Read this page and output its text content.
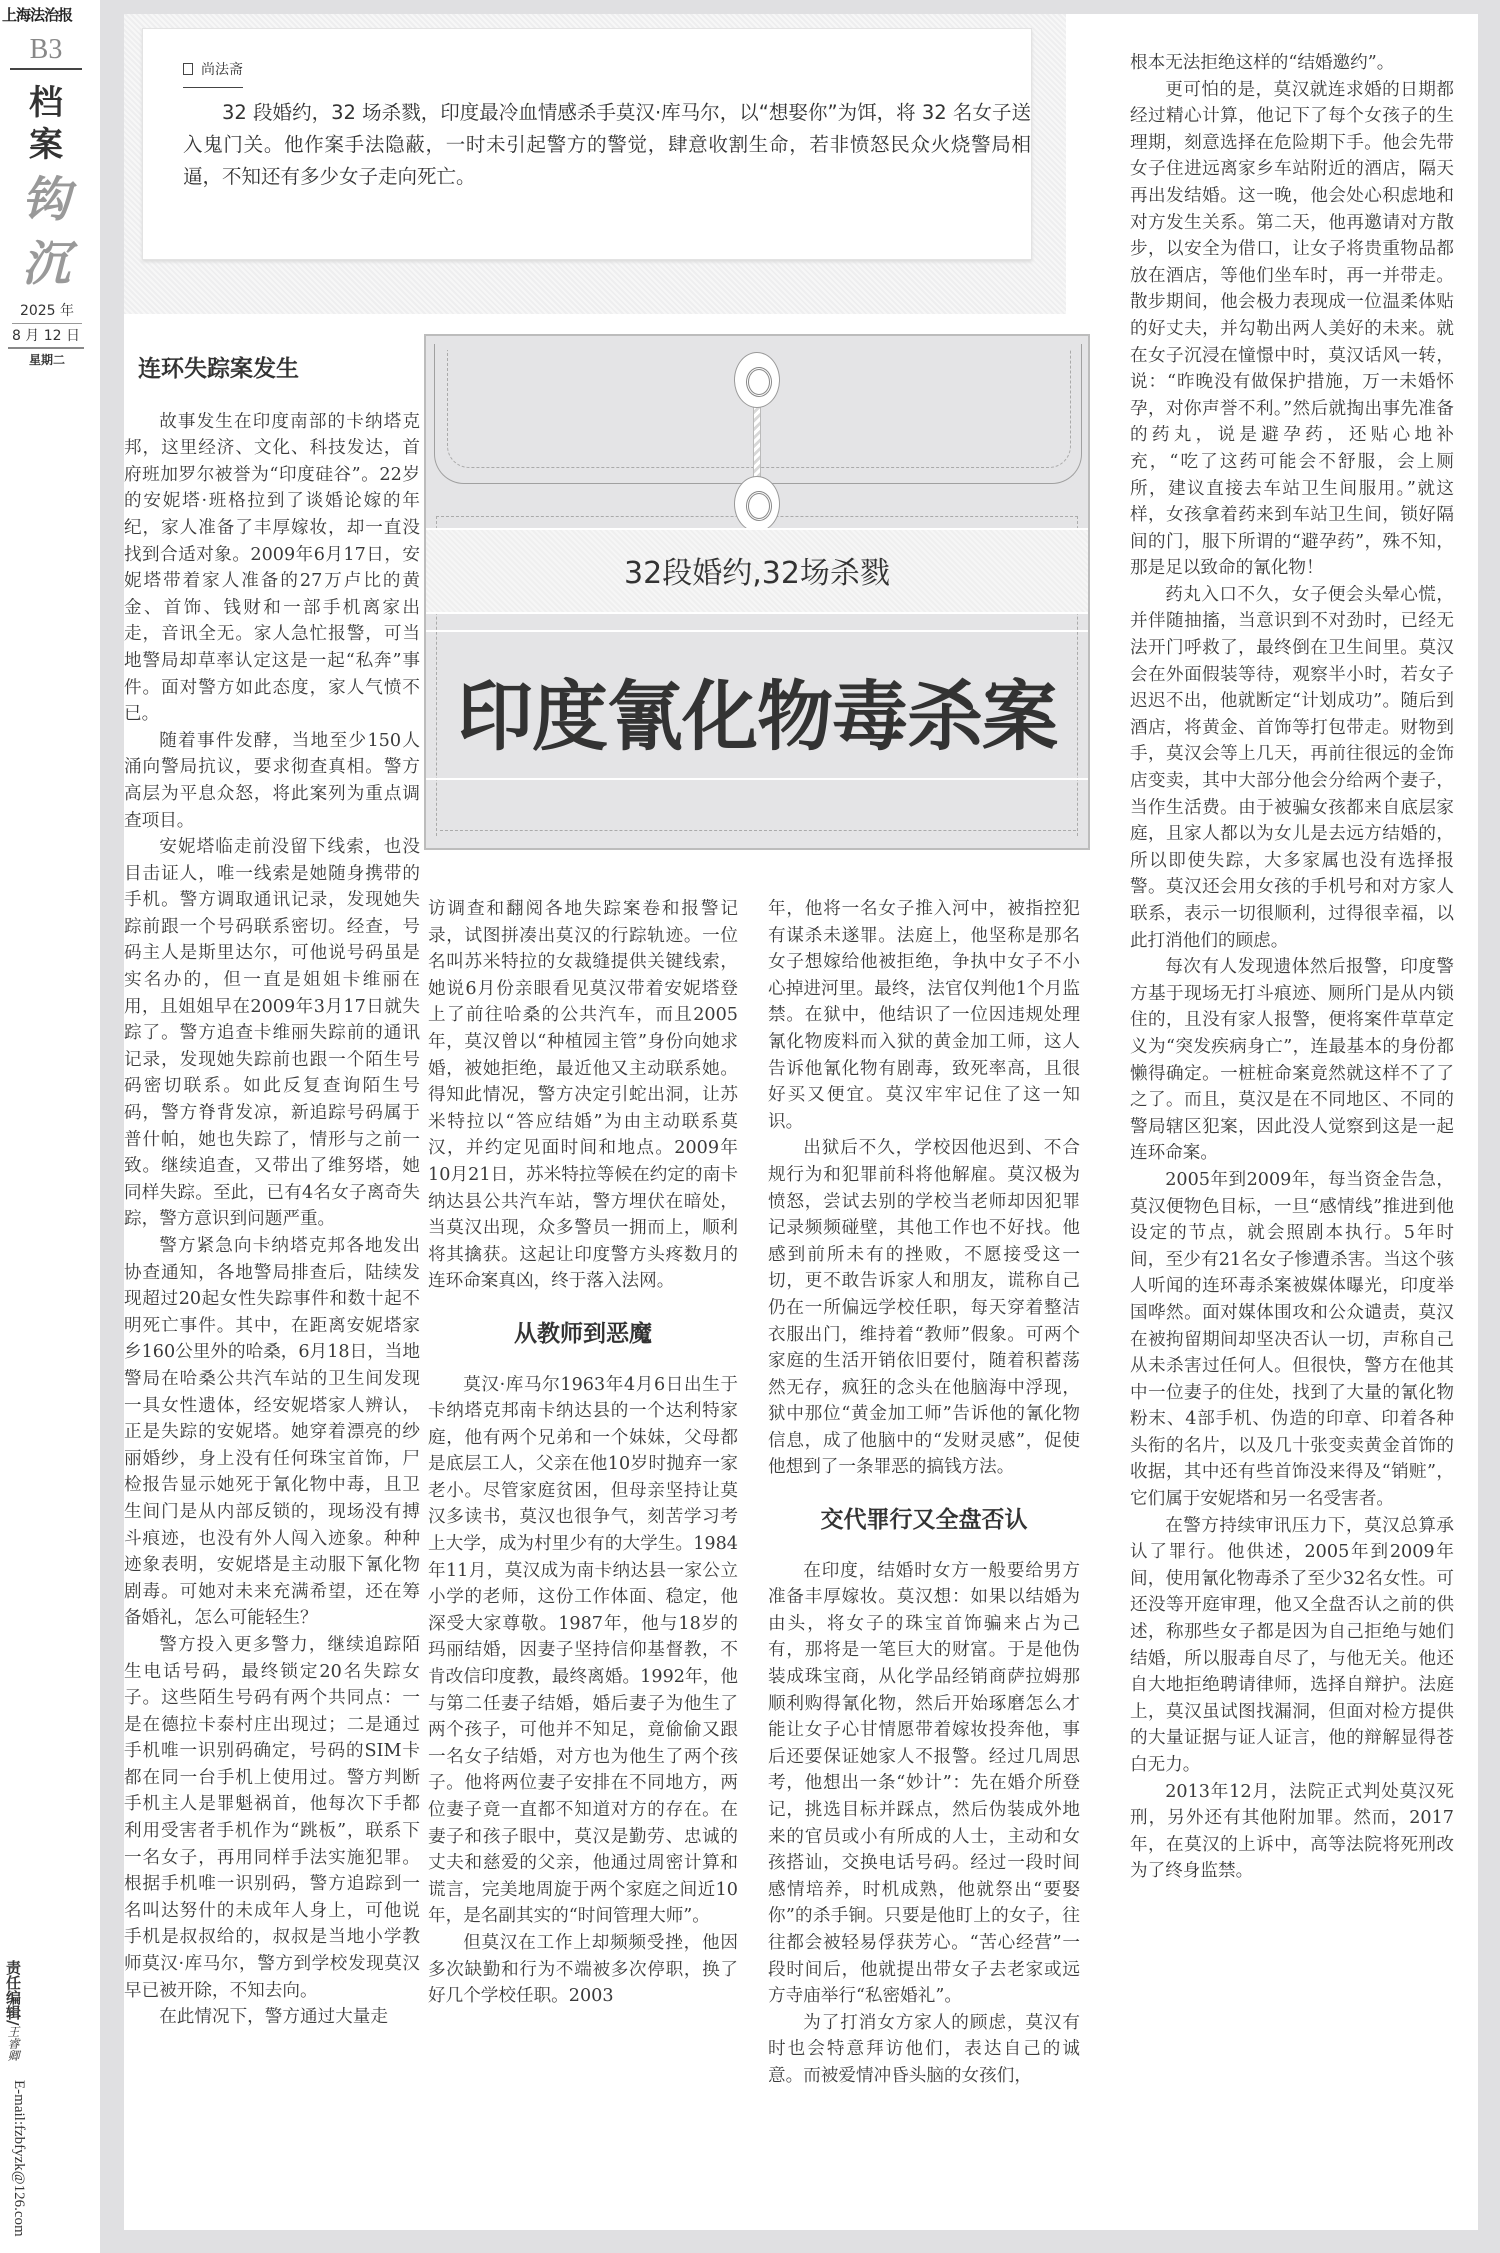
上海法治报
B3
档案
钩沉
2025 年
8 月 12 日
星期二
责任编辑/王睿卿
E-mail:fzbfyzk@126.com
尚法斋
32 段婚约，32 场杀戮，印度最冷血情感杀手莫汉·库马尔，以“想娶你”为饵，将 32 名女子送入鬼门关。他作案手法隐蔽，一时未引起警方的警觉，肆意收割生命，若非愤怒民众火烧警局相逼，不知还有多少女子走向死亡。
连环失踪案发生

故事发生在印度南部的卡纳塔克邦，这里经济、文化、科技发达，首府班加罗尔被誉为“印度硅谷”。22岁的安妮塔·班格拉到了谈婚论嫁的年纪，家人准备了丰厚嫁妆，却一直没找到合适对象。2009年6月17日，安妮塔带着家人准备的27万卢比的黄金、首饰、钱财和一部手机离家出走，音讯全无。家人急忙报警，可当地警局却草率认定这是一起“私奔”事件。面对警方如此态度，家人气愤不已。

随着事件发酵，当地至少150人涌向警局抗议，要求彻查真相。警方高层为平息众怒，将此案列为重点调查项目。

安妮塔临走前没留下线索，也没目击证人，唯一线索是她随身携带的手机。警方调取通讯记录，发现她失踪前跟一个号码联系密切。经查，号码主人是斯里达尔，可他说号码虽是实名办的，但一直是姐姐卡维丽在用，且姐姐早在2009年3月17日就失踪了。警方追查卡维丽失踪前的通讯记录，发现她失踪前也跟一个陌生号码密切联系。如此反复查询陌生号码，警方脊背发凉，新追踪号码属于普什帕，她也失踪了，情形与之前一致。继续追查，又带出了维努塔，她同样失踪。至此，已有4名女子离奇失踪，警方意识到问题严重。

警方紧急向卡纳塔克邦各地发出协查通知，各地警局排查后，陆续发现超过20起女性失踪事件和数十起不明死亡事件。其中，在距离安妮塔家乡160公里外的哈桑，6月18日，当地警局在哈桑公共汽车站的卫生间发现一具女性遗体，经安妮塔家人辨认，正是失踪的安妮塔。她穿着漂亮的纱丽婚纱，身上没有任何珠宝首饰，尸检报告显示她死于氰化物中毒，且卫生间门是从内部反锁的，现场没有搏斗痕迹，也没有外人闯入迹象。种种迹象表明，安妮塔是主动服下氰化物剧毒。可她对未来充满希望，还在筹备婚礼，怎么可能轻生？

警方投入更多警力，继续追踪陌生电话号码，最终锁定20名失踪女子。这些陌生号码有两个共同点：一是在德拉卡泰村庄出现过；二是通过手机唯一识别码确定，号码的SIM卡都在同一台手机上使用过。警方判断手机主人是罪魁祸首，他每次下手都利用受害者手机作为“跳板”，联系下一名女子，再用同样手法实施犯罪。根据手机唯一识别码，警方追踪到一名叫达努什的未成年人身上，可他说手机是叔叔给的，叔叔是当地小学教师莫汉·库马尔，警方到学校发现莫汉早已被开除，不知去向。

在此情况下，警方通过大量走

32段婚约,32场杀戮
印度氰化物毒杀案

访调查和翻阅各地失踪案卷和报警记录，试图拼凑出莫汉的行踪轨迹。一位名叫苏米特拉的女裁缝提供关键线索，她说6月份亲眼看见莫汉带着安妮塔登上了前往哈桑的公共汽车，而且2005年，莫汉曾以“种植园主管”身份向她求婚，被她拒绝，最近他又主动联系她。得知此情况，警方决定引蛇出洞，让苏米特拉以“答应结婚”为由主动联系莫汉，并约定见面时间和地点。2009年10月21日，苏米特拉等候在约定的南卡纳达县公共汽车站，警方埋伏在暗处，当莫汉出现，众多警员一拥而上，顺利将其擒获。这起让印度警方头疼数月的连环命案真凶，终于落入法网。

从教师到恶魔

莫汉·库马尔1963年4月6日出生于卡纳塔克邦南卡纳达县的一个达利特家庭，他有两个兄弟和一个妹妹，父母都是底层工人，父亲在他10岁时抛弃一家老小。尽管家庭贫困，但母亲坚持让莫汉多读书，莫汉也很争气，刻苦学习考上大学，成为村里少有的大学生。1984年11月，莫汉成为南卡纳达县一家公立小学的老师，这份工作体面、稳定，他深受大家尊敬。1987年，他与18岁的玛丽结婚，因妻子坚持信仰基督教，不肯改信印度教，最终离婚。1992年，他与第二任妻子结婚，婚后妻子为他生了两个孩子，可他并不知足，竟偷偷又跟一名女子结婚，对方也为他生了两个孩子。他将两位妻子安排在不同地方，两位妻子竟一直都不知道对方的存在。在妻子和孩子眼中，莫汉是勤劳、忠诚的丈夫和慈爱的父亲，他通过周密计算和谎言，完美地周旋于两个家庭之间近10年，是名副其实的“时间管理大师”。

但莫汉在工作上却频频受挫，他因多次缺勤和行为不端被多次停职，换了好几个学校任职。2003

年，他将一名女子推入河中，被指控犯有谋杀未遂罪。法庭上，他坚称是那名女子想嫁给他被拒绝，争执中女子不小心掉进河里。最终，法官仅判他1个月监禁。在狱中，他结识了一位因违规处理氰化物废料而入狱的黄金加工师，这人告诉他氰化物有剧毒，致死率高，且很好买又便宜。莫汉牢牢记住了这一知识。

出狱后不久，学校因他迟到、不合规行为和犯罪前科将他解雇。莫汉极为愤怒，尝试去别的学校当老师却因犯罪记录频频碰壁，其他工作也不好找。他感到前所未有的挫败，不愿接受这一切，更不敢告诉家人和朋友，谎称自己仍在一所偏远学校任职，每天穿着整洁衣服出门，维持着“教师”假象。可两个家庭的生活开销依旧要付，随着积蓄荡然无存，疯狂的念头在他脑海中浮现，狱中那位“黄金加工师”告诉他的氰化物信息，成了他脑中的“发财灵感”，促使他想到了一条罪恶的搞钱方法。

交代罪行又全盘否认

在印度，结婚时女方一般要给男方准备丰厚嫁妆。莫汉想：如果以结婚为由头，将女子的珠宝首饰骗来占为己有，那将是一笔巨大的财富。于是他伪装成珠宝商，从化学品经销商萨拉姆那顺利购得氰化物，然后开始琢磨怎么才能让女子心甘情愿带着嫁妆投奔他，事后还要保证她家人不报警。经过几周思考，他想出一条“妙计”：先在婚介所登记，挑选目标并踩点，然后伪装成外地来的官员或小有所成的人士，主动和女孩搭讪，交换电话号码。经过一段时间感情培养，时机成熟，他就祭出“要娶你”的杀手锏。只要是他盯上的女子，往往都会被轻易俘获芳心。“苦心经营”一段时间后，他就提出带女子去老家或远方寺庙举行“私密婚礼”。

为了打消女方家人的顾虑，莫汉有时也会特意拜访他们，表达自己的诚意。而被爱情冲昏头脑的女孩们，

根本无法拒绝这样的“结婚邀约”。

更可怕的是，莫汉就连求婚的日期都经过精心计算，他记下了每个女孩子的生理期，刻意选择在危险期下手。他会先带女子住进远离家乡车站附近的酒店，隔天再出发结婚。这一晚，他会处心积虑地和对方发生关系。第二天，他再邀请对方散步，以安全为借口，让女子将贵重物品都放在酒店，等他们坐车时，再一并带走。散步期间，他会极力表现成一位温柔体贴的好丈夫，并勾勒出两人美好的未来。就在女子沉浸在憧憬中时，莫汉话风一转，说：“昨晚没有做保护措施，万一未婚怀孕，对你声誉不利。”然后就掏出事先准备的药丸，说是避孕药，还贴心地补充，“吃了这药可能会不舒服，会上厕所，建议直接去车站卫生间服用。”就这样，女孩拿着药来到车站卫生间，锁好隔间的门，服下所谓的“避孕药”，殊不知，那是足以致命的氰化物！

药丸入口不久，女子便会头晕心慌，并伴随抽搐，当意识到不对劲时，已经无法开门呼救了，最终倒在卫生间里。莫汉会在外面假装等待，观察半小时，若女子迟迟不出，他就断定“计划成功”。随后到酒店，将黄金、首饰等打包带走。财物到手，莫汉会等上几天，再前往很远的金饰店变卖，其中大部分他会分给两个妻子，当作生活费。由于被骗女孩都来自底层家庭，且家人都以为女儿是去远方结婚的，所以即使失踪，大多家属也没有选择报警。莫汉还会用女孩的手机号和对方家人联系，表示一切很顺利，过得很幸福，以此打消他们的顾虑。

每次有人发现遗体然后报警，印度警方基于现场无打斗痕迹、厕所门是从内锁住的，且没有家人报警，便将案件草草定义为“突发疾病身亡”，连最基本的身份都懒得确定。一桩桩命案竟然就这样不了了之了。而且，莫汉是在不同地区、不同的警局辖区犯案，因此没人觉察到这是一起连环命案。

2005年到2009年，每当资金告急，莫汉便物色目标，一旦“感情线”推进到他设定的节点，就会照剧本执行。5年时间，至少有21名女子惨遭杀害。当这个骇人听闻的连环毒杀案被媒体曝光，印度举国哗然。面对媒体围攻和公众谴责，莫汉在被拘留期间却坚决否认一切，声称自己从未杀害过任何人。但很快，警方在他其中一位妻子的住处，找到了大量的氰化物粉末、4部手机、伪造的印章、印着各种头衔的名片，以及几十张变卖黄金首饰的收据，其中还有些首饰没来得及“销赃”，它们属于安妮塔和另一名受害者。

在警方持续审讯压力下，莫汉总算承认了罪行。他供述，2005年到2009年间，使用氰化物毒杀了至少32名女性。可还没等开庭审理，他又全盘否认之前的供述，称那些女子都是因为自己拒绝与她们结婚，所以服毒自尽了，与他无关。他还自大地拒绝聘请律师，选择自辩护。法庭上，莫汉虽试图找漏洞，但面对检方提供的大量证据与证人证言，他的辩解显得苍白无力。

2013年12月，法院正式判处莫汉死刑，另外还有其他附加罪。然而，2017年，在莫汉的上诉中，高等法院将死刑改为了终身监禁。
